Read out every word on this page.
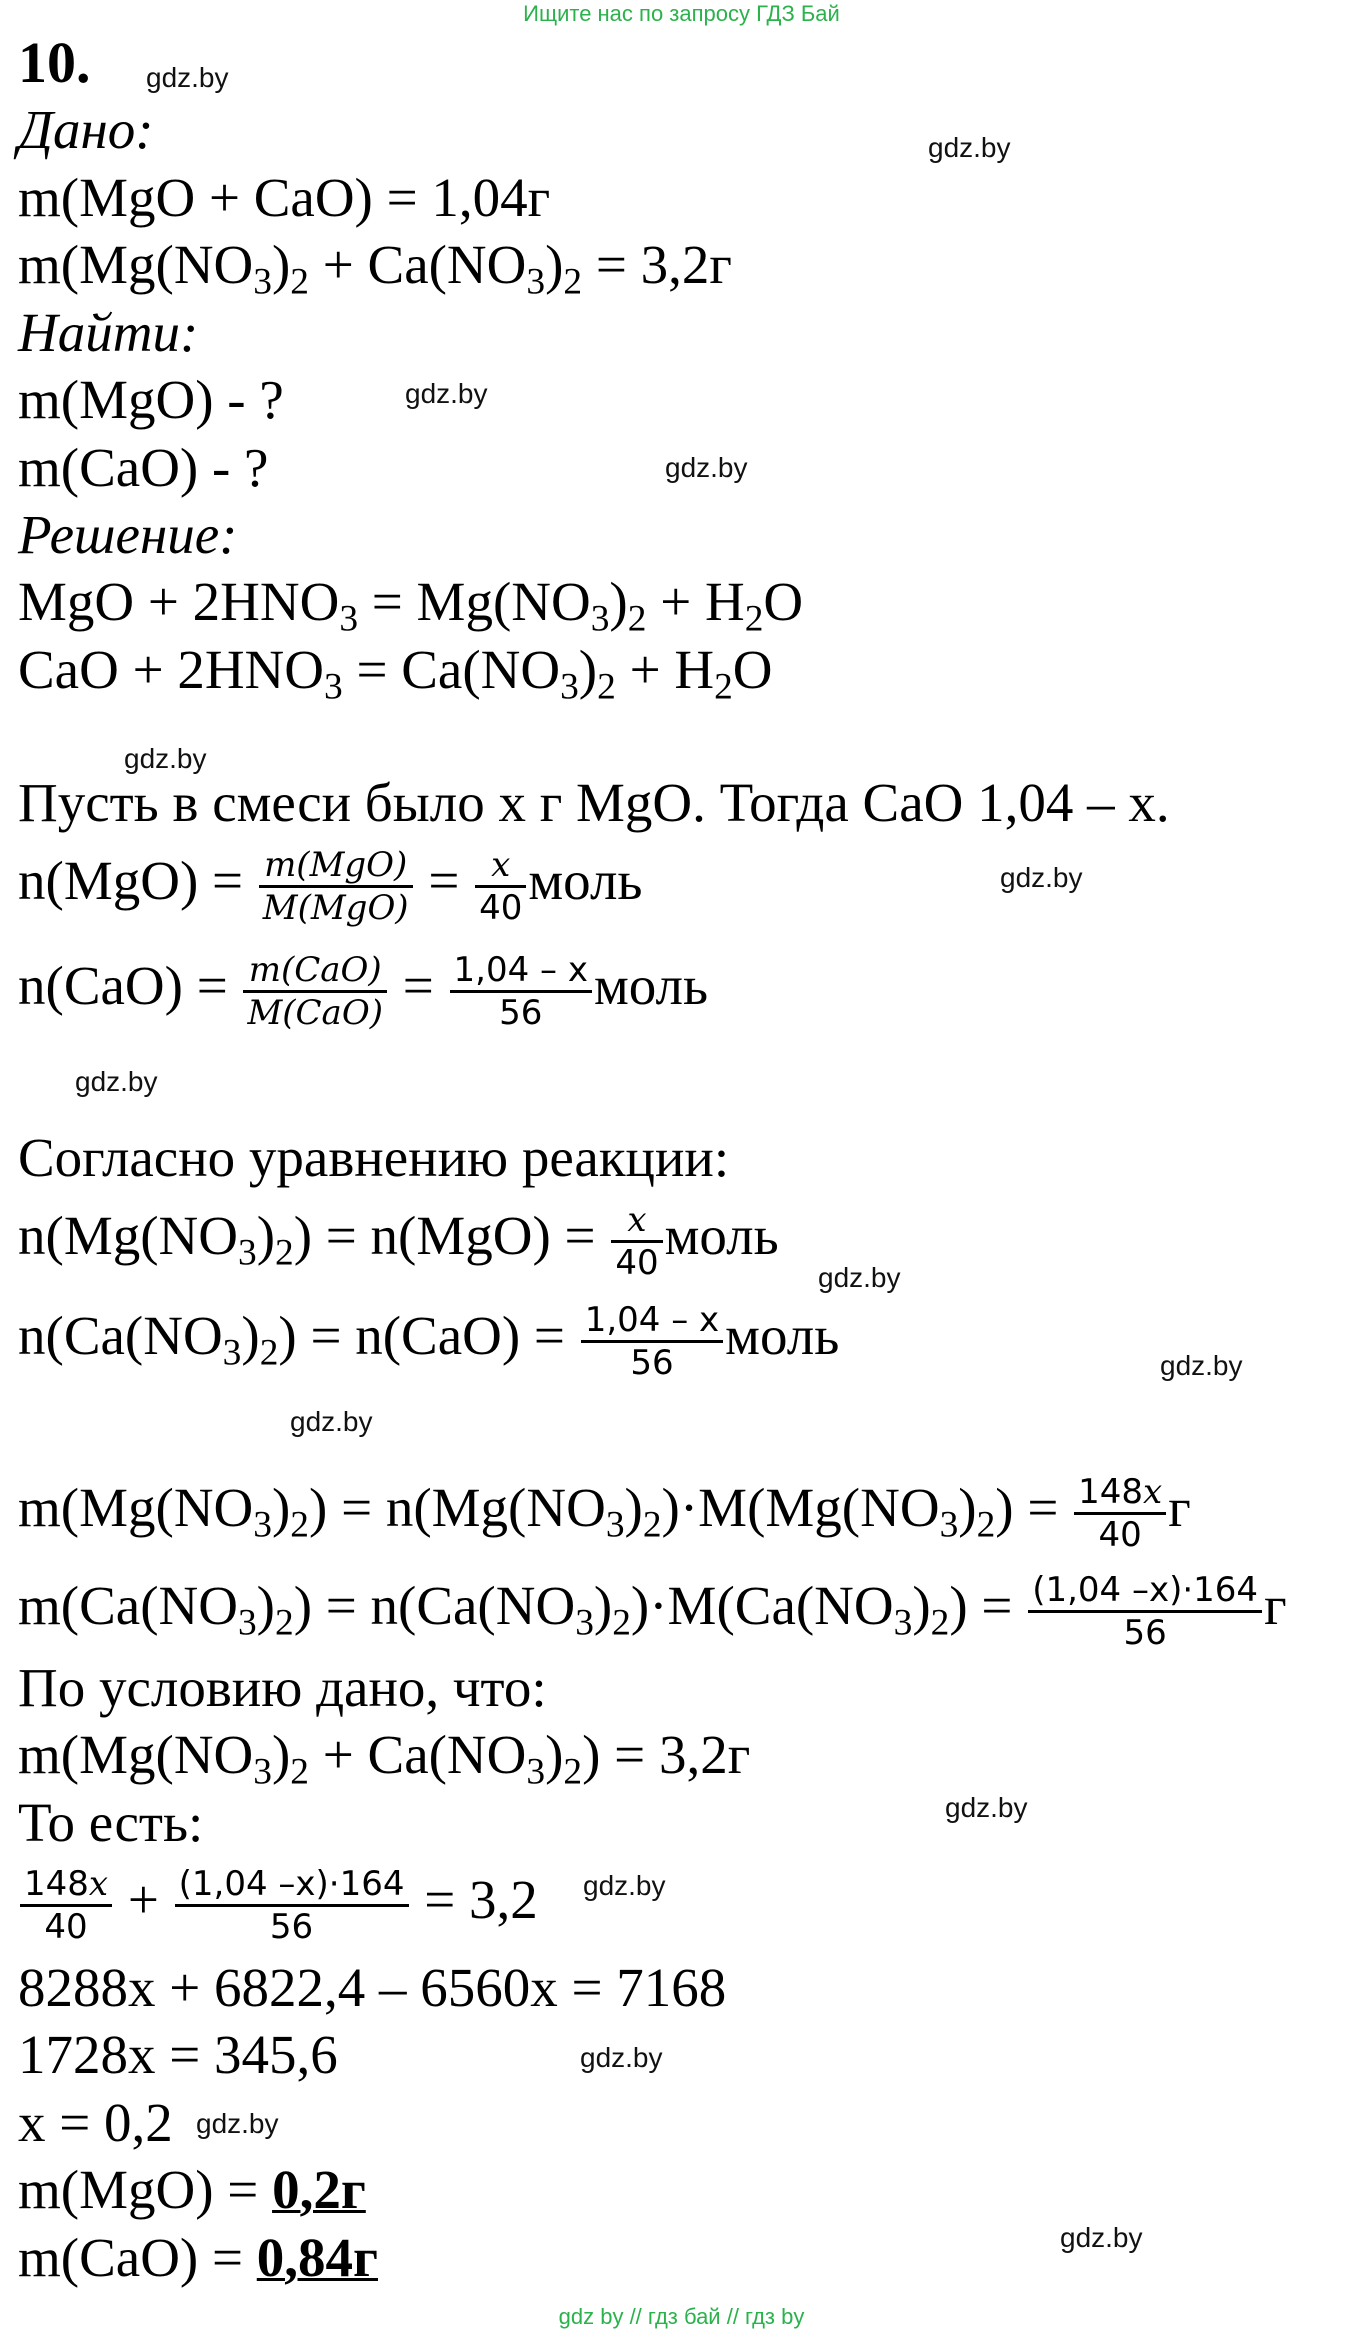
Ищите нас по запросу ГДЗ Бай
gdz.by
gdz.by
gdz.by
gdz.by
gdz.by
gdz.by
gdz.by
gdz.by
gdz.by
gdz.by
gdz.by
gdz.by
gdz.by
gdz.by
gdz.by
10.
Дано:
m(MgO + CaO) = 1,04г
$m(Mg(NO_3)_2 + Ca(NO_3)_2 = 3,2г$
Найти:
m(MgO) - ?
m(CaO) - ?
Решение:
MgO + $2HNO_3 = Mg(NO_3)_2 + H_2O$
CaO + $2HNO_3 = Ca(NO_3)_2 + H_2O$
Пусть в смеси было x г MgO. Тогда CaO 1,04 – x.
$n(MgO) = \frac{\text{m(MgO)}}{\text{M(MgO)}} = \frac{x}{40}$ моль
$n(CaO) = \frac{\text{m(CaO)}}{\text{M(CaO)}} = \frac{1,04 - x}{56}$ моль
Согласно уравнению реакции:
$n(Mg(NO_3)_2) = n(MgO) = \frac{x}{40}$ моль
$n(Ca(NO_3)_2) = n(CaO) = \frac{1,04 - x}{56}$ моль
$m(Mg(NO_3)_2) = n(Mg(NO_3)_2)\cdot M(Mg(NO_3)_2) = \frac{148x}{40}$ г
$m(Ca(NO_3)_2) = n(Ca(NO_3)_2)\cdot M(Ca(NO_3)_2) = \frac{(1,04 -x)\cdot 164}{56}$ г
По условию дано, что:
$m(Mg(NO_3)_2 + Ca(NO_3)_2) = 3,2г$
То есть:
$\frac{148x}{40} + \frac{(1,04 -x)\cdot 164}{56} = 3,2$
8288x + 6822,4 – 6560x = 7168
1728x = 345,6
x = 0,2
m(MgO) = 0,2г
m(CaO) = 0,84г
gdz by // гдз бай // гдз by
